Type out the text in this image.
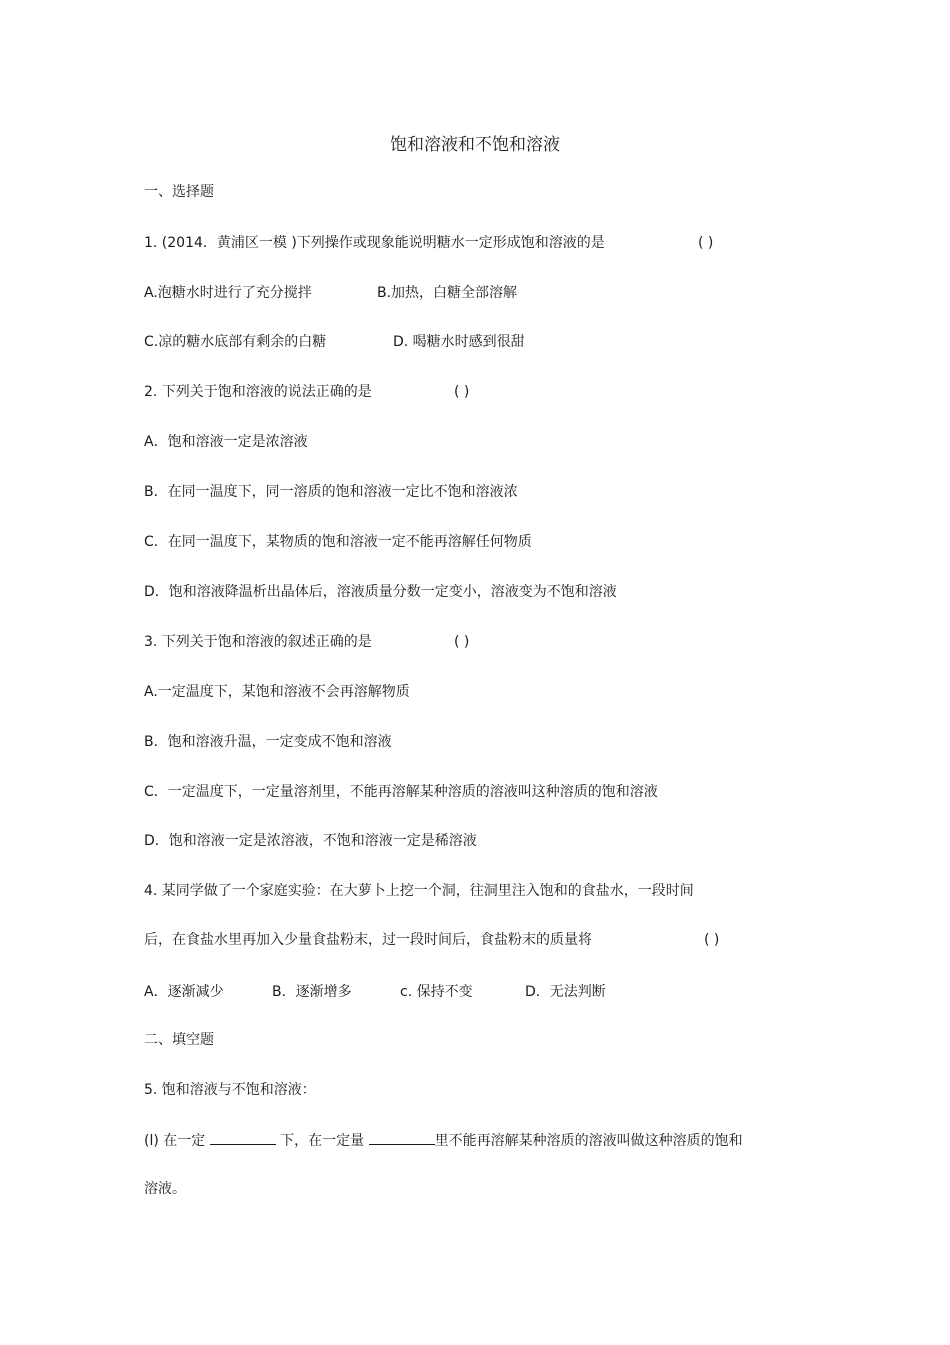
饱和溶液和不饱和溶液
一、选择题
1. (2014．黄浦区一模 )下列操作或现象能说明糖水一定形成饱和溶液的是	( )
A.泡糖水时进行了充分搅拌	B.加热，白糖全部溶解
C.凉的糖水底部有剩余的白糖	D. 喝糖水时感到很甜
2. 下列关于饱和溶液的说法正确的是	( )
A．饱和溶液一定是浓溶液
B．在同一温度下，同一溶质的饱和溶液一定比不饱和溶液浓
C．在同一温度下，某物质的饱和溶液一定不能再溶解任何物质
D．饱和溶液降温析出晶体后，溶液质量分数一定变小，溶液变为不饱和溶液
3. 下列关于饱和溶液的叙述正确的是	( )
A.一定温度下，某饱和溶液不会再溶解物质
B．饱和溶液升温，一定变成不饱和溶液
C．一定温度下，一定量溶剂里，不能再溶解某种溶质的溶液叫这种溶质的饱和溶液
D．饱和溶液一定是浓溶液，不饱和溶液一定是稀溶液
4. 某同学做了一个家庭实验：在大萝卜上挖一个洞，往洞里注入饱和的食盐水，一段时间
后，在食盐水里再加入少量食盐粉末，过一段时间后，食盐粉末的质量将	( )
A．逐渐减少	B．逐渐增多	c. 保持不变	D．无法判断
二、填空题
5. 饱和溶液与不饱和溶液：
(l) 在一定	下，在一定量	里不能再溶解某种溶质的溶液叫做这种溶质的饱和
溶液。
